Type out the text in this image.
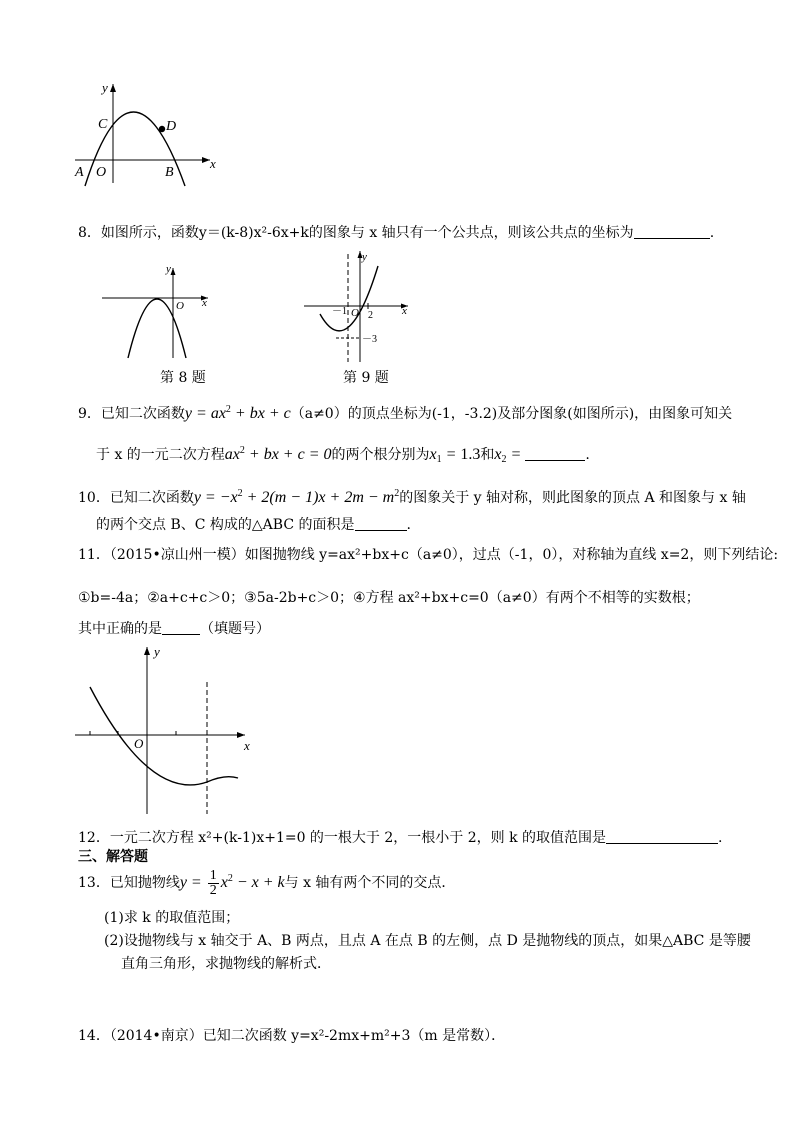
y
x
C	D
A O	B
8．如图所示，函数y＝(k-8)x²-6x+k的图象与 x 轴只有一个公共点，则该公共点的坐标为	.
y
x
O
第 8 题
y
x
O
－1 2
－3
第 9 题
9．已知二次函数$y = ax^2$ + bx + c（a≠0）的顶点坐标为(-1，-3.2)及部分图象(如图所示)，由图象可知关
于 x 的一元二次方程$ax^2$ + bx + c = 0的两个根分别为$x_1 = 1.3$和$x_2$ =	.
10．已知二次函数$y = -x^2 + 2(m - 1)x + 2m - m^2$的图象关于 y 轴对称，则此图象的顶点 A 和图象与 x 轴
的两个交点 B、C 构成的△ABC 的面积是	.
11．（2015•凉山州一模）如图抛物线 y=ax²+bx+c（a≠0），过点（-1，0），对称轴为直线 x=2，则下列结论:
①b=-4a；②a+c+c＞0；③5a-2b+c＞0；④方程 ax²+bx+c=0（a≠0）有两个不相等的实数根；
其中正确的是	（填题号）
y
x
O
12．一元二次方程 x²+(k-1)x+1=0 的一根大于 2，一根小于 2，则 k 的取值范围是	.
三、解答题
13．已知抛物线$y = \frac{1}{2} x^2 - x + k$与 x 轴有两个不同的交点．
(1)求 k 的取值范围；
(2)设抛物线与 x 轴交于 A、B 两点，且点 A 在点 B 的左侧，点 D 是抛物线的顶点，如果△ABC 是等腰
直角三角形，求抛物线的解析式．
14．（2014•南京）已知二次函数 y=x²-2mx+m²+3（m 是常数）．
